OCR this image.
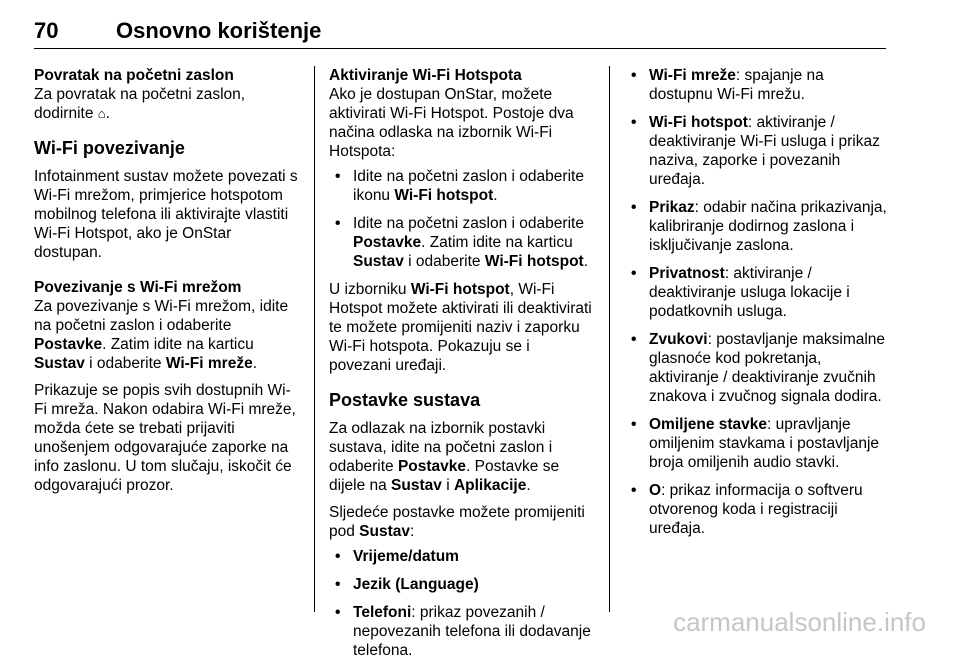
70	Osnovno korištenje

Povratak na početni zaslon

Za povratak na početni zaslon, dodirnite ⌂.

Wi-Fi povezivanje

Infotainment sustav možete povezati s Wi-Fi mrežom, primjerice hotspotom mobilnog telefona ili aktivirajte vlastiti Wi-Fi Hotspot, ako je OnStar dostupan.

Povezivanje s Wi-Fi mrežom

Za povezivanje s Wi-Fi mrežom, idite na početni zaslon i odaberite Postavke. Zatim idite na karticu Sustav i odaberite Wi-Fi mreže.

Prikazuje se popis svih dostupnih Wi-Fi mreža. Nakon odabira Wi-Fi mreže, možda ćete se trebati prijaviti unošenjem odgovarajuće zaporke na info zaslonu. U tom slučaju, iskočit će odgovarajući prozor.

Aktiviranje Wi-Fi Hotspota

Ako je dostupan OnStar, možete aktivirati Wi-Fi Hotspot. Postoje dva načina odlaska na izbornik Wi-Fi Hotspota:

• Idite na početni zaslon i odaberite ikonu Wi-Fi hotspot.
• Idite na početni zaslon i odaberite Postavke. Zatim idite na karticu Sustav i odaberite Wi-Fi hotspot.

U izborniku Wi-Fi hotspot, Wi-Fi Hotspot možete aktivirati ili deaktivirati te možete promijeniti naziv i zaporku Wi-Fi hotspota. Pokazuju se i povezani uređaji.

Postavke sustava

Za odlazak na izbornik postavki sustava, idite na početni zaslon i odaberite Postavke. Postavke se dijele na Sustav i Aplikacije.

Sljedeće postavke možete promijeniti pod Sustav:

• Vrijeme/datum
• Jezik (Language)
• Telefoni: prikaz povezanih / nepovezanih telefona ili dodavanje telefona.
• Wi-Fi mreže: spajanje na dostupnu Wi-Fi mrežu.
• Wi-Fi hotspot: aktiviranje / deaktiviranje Wi-Fi usluga i prikaz naziva, zaporke i povezanih uređaja.
• Prikaz: odabir načina prikazivanja, kalibriranje dodirnog zaslona i isključivanje zaslona.
• Privatnost: aktiviranje / deaktiviranje usluga lokacije i podatkovnih usluga.
• Zvukovi: postavljanje maksimalne glasnoće kod pokretanja, aktiviranje / deaktiviranje zvučnih znakova i zvučnog signala dodira.
• Omiljene stavke: upravljanje omiljenim stavkama i postavljanje broja omiljenih audio stavki.
• O: prikaz informacija o softveru otvorenog koda i registraciji uređaja.
carmanualsonline.info
